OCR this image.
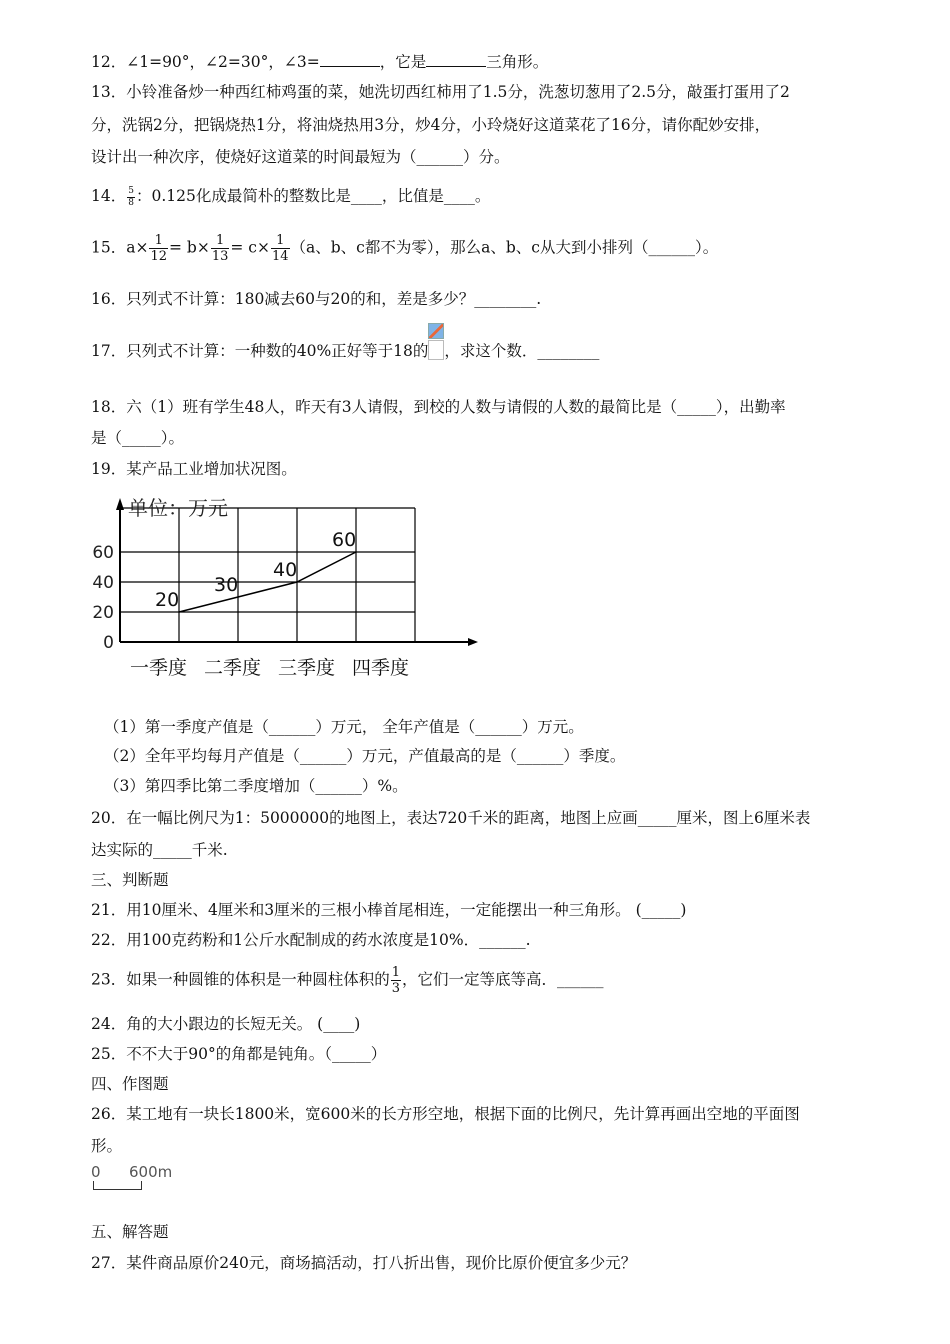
12．∠1=90°，∠2=30°，∠3=	，它是	三角形。
13．小铃准备炒一种西红柿鸡蛋的菜，她洗切西红柿用了1.5分，洗葱切葱用了2.5分，敲蛋打蛋用了2
分，洗锅2分，把锅烧热1分，将油烧热用3分，炒4分，小玲烧好这道菜花了16分，请你配妙安排，
设计出一种次序，使烧好这道菜的时间最短为（______）分。
14． $\frac{5}{8}$ ：0.125化成最简朴的整数比是____，比值是____。
15．$a\times \frac{1}{12} = b\times \frac{1}{13} = c\times \frac{1}{14} (a$、b、c都不为零），那么a、b、c从大到小排列（______）。
16．只列式不计算：180减去60与20的和，差是多少？________.
17．只列式不计算：一种数的40%正好等于18的 ，求这个数．________
18．六（1）班有学生48人，昨天有3人请假，到校的人数与请假的人数的最简比是（_____），出勤率
是（_____）。
19．某产品工业增加状况图。
单位：万元
0
20
40
60
20
30
40
60
一季度 二季度 三季度 四季度
（1）第一季度产值是（______）万元， 全年产值是（______）万元。
（2）全年平均每月产值是（______）万元，产值最高的是（______）季度。
（3）第四季比第二季度增加（______）%。
20．在一幅比例尺为1：5000000的地图上，表达720千米的距离，地图上应画_____厘米，图上6厘米表
达实际的_____千米.
三、判断题
21．用10厘米、4厘米和3厘米的三根小棒首尾相连，一定能摆出一种三角形。 (_____)
22．用100克药粉和1公斤水配制成的药水浓度是10%．______.
23．如果一种圆锥的体积是一种圆柱体积的 $\frac{1}{3}$ ，它们一定等底等高．______
24．角的大小跟边的长短无关。 (____)
25．不不大于90°的角都是钝角。（_____）
四、作图题
26．某工地有一块长1800米，宽600米的长方形空地，根据下面的比例尺，先计算再画出空地的平面图
形。
0 600m
五、解答题
27．某件商品原价240元，商场搞活动，打八折出售，现价比原价便宜多少元？
